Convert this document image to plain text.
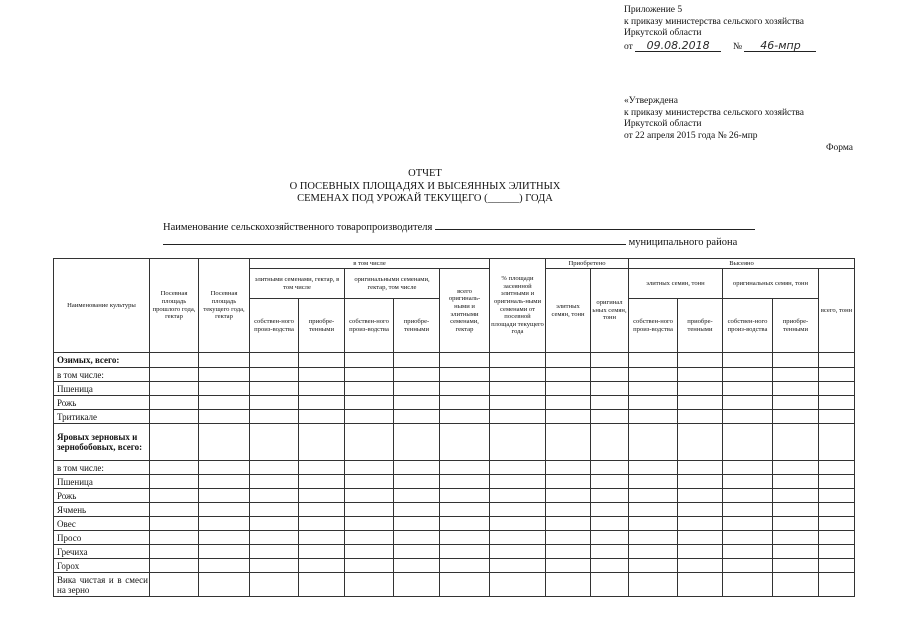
Приложение 5
к приказу министерства сельского хозяйства
Иркутской области
от 09.08.2018 № 46-мпр
«Утверждена
к приказу министерства сельского хозяйства
Иркутской области
от 22 апреля 2015 года № 26-мпр
Форма
ОТЧЕТ
О ПОСЕВНЫХ ПЛОЩАДЯХ И ВЫСЕЯННЫХ ЭЛИТНЫХ
СЕМЕНАХ ПОД УРОЖАЙ ТЕКУЩЕГО (______) ГОДА
Наименование сельскохозяйственного товаропроизводителя
муниципального района
Наименование культуры	Посевная площадь прошлого года, гектар	Посевная площадь текущего года, гектар	в том числе					% площади засеянной элитными и оригиналь-ными семенами от посевной площади текущего года	Приобретено		Высеяно				
			элитными семенами, гектар, в том числе		оригинальными семенами, гектар, том числе		всего оригиналь-ными и элитными семенами, гектар		элитных семян, тонн	оригинал ьных семян, тонн	элитных семян, тонн		оригинальных семян, тонн		всего, тонн
			собствен-ного произ-водства	приобре-тенными	собствен-ного произ-водства	приобре-тенными					собствен-ного произ-водства	приобре-тенными	собствен-ного произ-водства	приобре-тенными	

Озимых, всего:															
в том числе:															
Пшеница															
Рожь															
Тритикале															
Яровых зерновых и зернобобовых, всего:															
в том числе:															
Пшеница															
Рожь															
Ячмень															
Овес															
Просо															
Гречиха															
Горох															
Вика чистая и в смеси на зерно															
